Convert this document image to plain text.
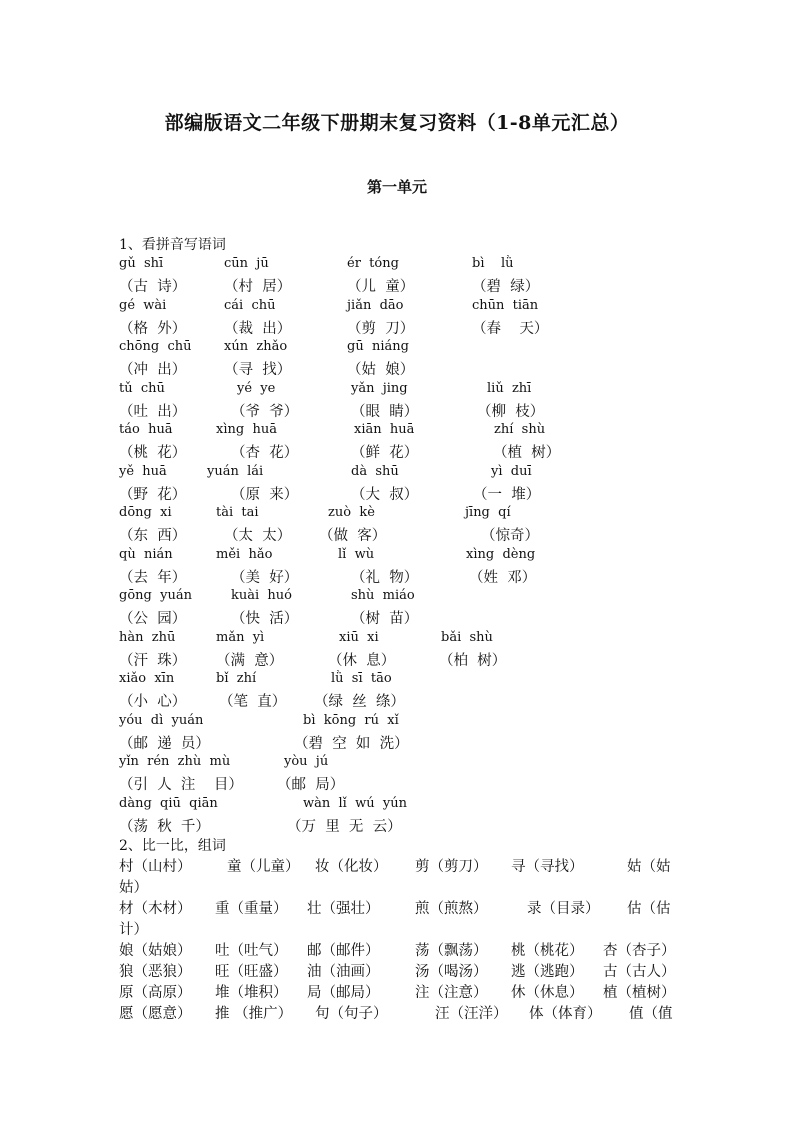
部编版语文二年级下册期末复习资料（1-8单元汇总）
第一单元
1、看拼音写语词
gǔ  shī	cūn  jū	ér  tóng	bì    lǜ
（古  诗）	（村  居）	（儿  童）	（碧  绿）
gé  wài	cái  chū	jiǎn  dāo	chūn  tiān
（格  外）	（裁  出）	（剪  刀）	（春    天）
chōng  chū	xún  zhǎo	gū  niáng
（冲  出）	（寻  找）	（姑  娘）
tǔ  chū	yé  ye	yǎn  jing	liǔ  zhī
（吐  出）	（爷  爷）	（眼  睛）	（柳  枝）
táo  huā	xìng  huā	xiān  huā	zhí  shù
（桃  花）	（杏  花）	（鲜  花）	（植  树）
yě  huā	yuán  lái	dà  shū	yì  duī
（野  花）	（原  来）	（大  叔）	（一  堆）
dōng  xi	tài  tai	zuò  kè	jīng  qí
（东  西）	（太  太） （做  客）	（惊奇）
qù  nián	měi  hǎo	lǐ  wù	xìng  dèng
（去  年）	（美  好）	（礼  物）	（姓  邓）
gōng  yuán	kuài  huó	shù  miáo
（公  园）	（快  活）	（树  苗）
hàn  zhū	mǎn  yì	xiū  xi	bǎi  shù
（汗  珠） （满  意）	（休  息）	（柏  树）
xiǎo  xīn	bǐ  zhí	lǜ  sī  tāo
（小  心） （笔  直） （绿  丝  绦）
yóu  dì  yuán	bì  kōng  rú  xǐ
（邮  递  员）	（碧  空  如  洗）
yǐn  rén  zhù  mù	yòu  jú
（引  人  注    目） （邮  局）
dàng  qiū  qiān	wàn  lǐ  wú  yún
（荡  秋  千）	（万  里  无  云）
2、比一比，组词
村（山村） 童（儿童） 妆（化妆） 剪（剪刀） 寻（寻找）	姑（姑
姑）
材（木材） 重（重量） 壮（强壮） 煎（煎熬）	录（目录） 估（估
计）
娘（姑娘） 吐（吐气） 邮（邮件） 荡（飘荡） 桃（桃花） 杏（杏子）
狼（恶狼） 旺（旺盛） 油（油画） 汤（喝汤） 逃（逃跑） 古（古人）
原（高原） 堆（堆积） 局（邮局） 注（注意） 休（休息） 植（植树）
愿（愿意） 推 （推广） 句（句子）	汪（汪洋） 体（体育） 值（值
